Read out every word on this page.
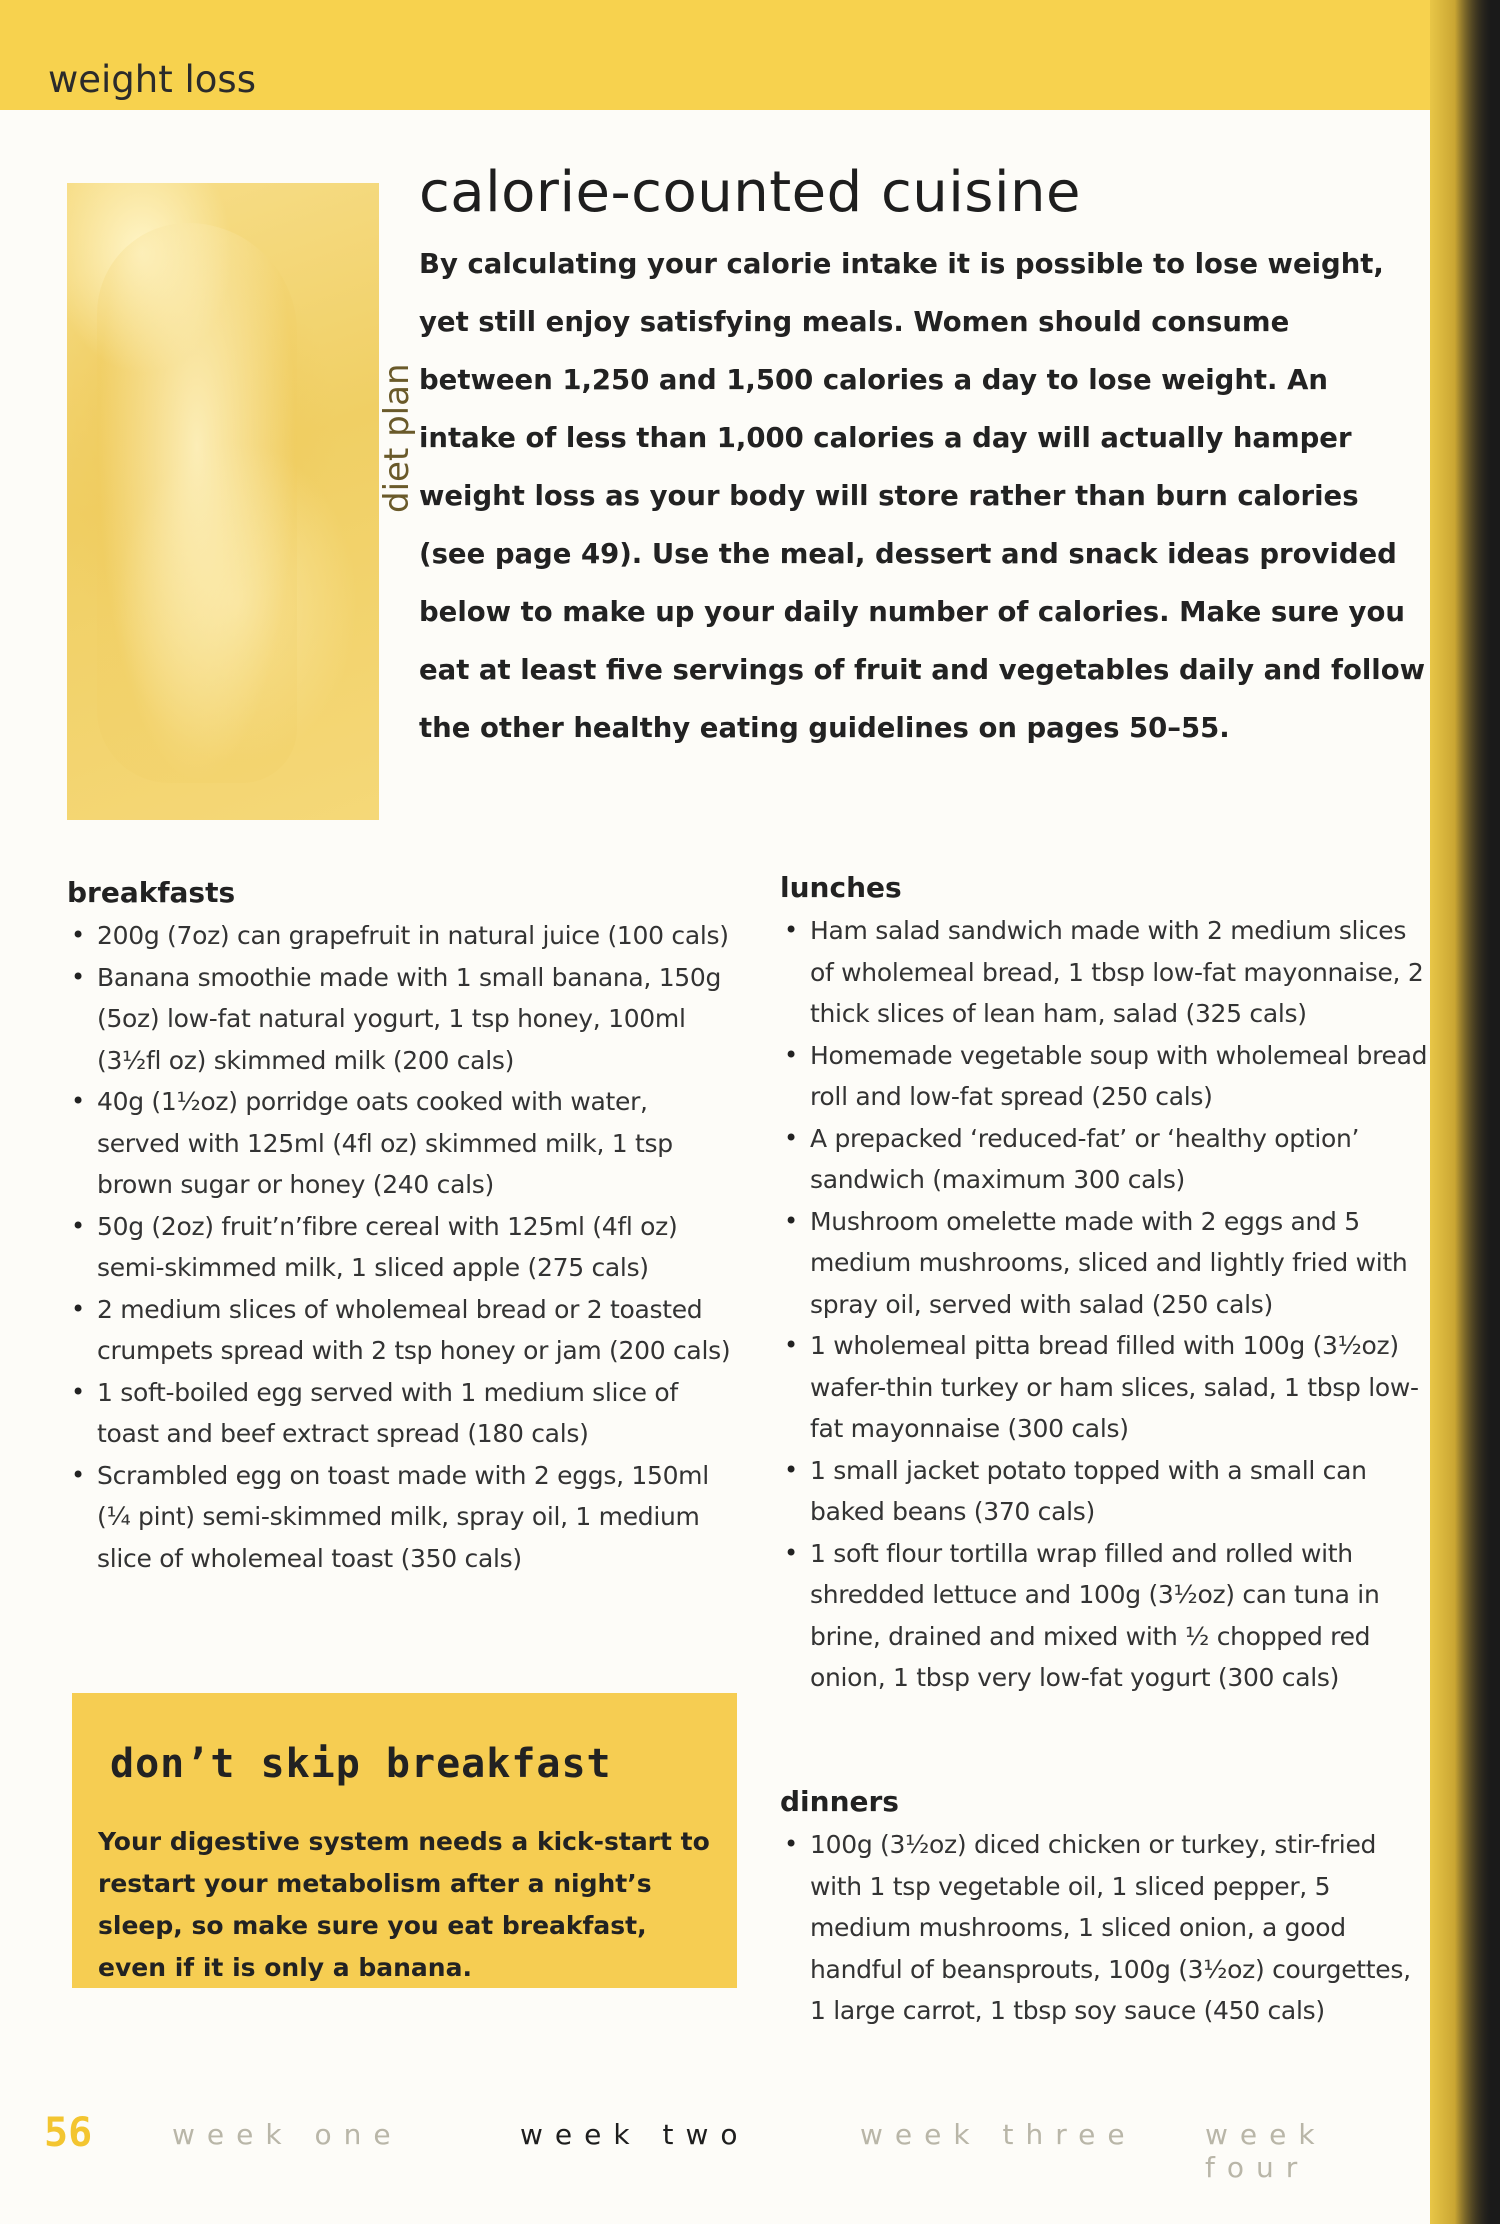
weight loss
diet plan
calorie-counted cuisine

By calculating your calorie intake it is possible to lose weight, yet still enjoy satisfying meals. Women should consume between 1,250 and 1,500 calories a day to lose weight. An intake of less than 1,000 calories a day will actually hamper weight loss as your body will store rather than burn calories (see page 49). Use the meal, dessert and snack ideas provided below to make up your daily number of calories. Make sure you eat at least five servings of fruit and vegetables daily and follow the other healthy eating guidelines on pages 50–55.

breakfasts
• 200g (7oz) can grapefruit in natural juice (100 cals)
• Banana smoothie made with 1 small banana, 150g (5oz) low-fat natural yogurt, 1 tsp honey, 100ml (3½fl oz) skimmed milk (200 cals)
• 40g (1½oz) porridge oats cooked with water, served with 125ml (4fl oz) skimmed milk, 1 tsp brown sugar or honey (240 cals)
• 50g (2oz) fruit’n’fibre cereal with 125ml (4fl oz) semi-skimmed milk, 1 sliced apple (275 cals)
• 2 medium slices of wholemeal bread or 2 toasted crumpets spread with 2 tsp honey or jam (200 cals)
• 1 soft-boiled egg served with 1 medium slice of toast and beef extract spread (180 cals)
• Scrambled egg on toast made with 2 eggs, 150ml (¼ pint) semi-skimmed milk, spray oil, 1 medium slice of wholemeal toast (350 cals)
don’t skip breakfast

Your digestive system needs a kick-start to restart your metabolism after a night’s sleep, so make sure you eat breakfast, even if it is only a banana.

lunches
• Ham salad sandwich made with 2 medium slices of wholemeal bread, 1 tbsp low-fat mayonnaise, 2 thick slices of lean ham, salad (325 cals)
• Homemade vegetable soup with wholemeal bread roll and low-fat spread (250 cals)
• A prepacked ‘reduced-fat’ or ‘healthy option’ sandwich (maximum 300 cals)
• Mushroom omelette made with 2 eggs and 5 medium mushrooms, sliced and lightly fried with spray oil, served with salad (250 cals)
• 1 wholemeal pitta bread filled with 100g (3½oz) wafer-thin turkey or ham slices, salad, 1 tbsp low-fat mayonnaise (300 cals)
• 1 small jacket potato topped with a small can baked beans (370 cals)
• 1 soft flour tortilla wrap filled and rolled with shredded lettuce and 100g (3½oz) can tuna in brine, drained and mixed with ½ chopped red onion, 1 tbsp very low-fat yogurt (300 cals)
dinners
• 100g (3½oz) diced chicken or turkey, stir-fried with 1 tsp vegetable oil, 1 sliced pepper, 5 medium mushrooms, 1 sliced onion, a good handful of beansprouts, 100g (3½oz) courgettes, 1 large carrot, 1 tbsp soy sauce (450 cals)
56	week one	week two	week three week four
